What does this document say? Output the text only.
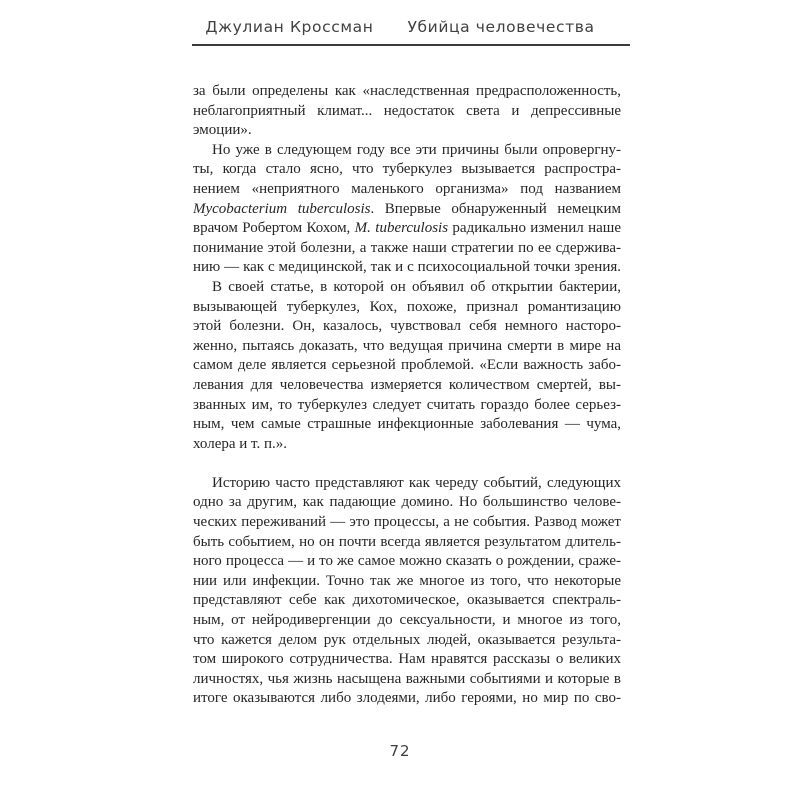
Джулиан Кроссман Убийца человечества
за были определены как «наследственная предрасположенность,
неблагоприятный климат... недостаток света и депрессивные
эмоции».
Но уже в следующем году все эти причины были опровергну-
ты, когда стало ясно, что туберкулез вызывается распростра-
нением «неприятного маленького организма» под названием
Mycobacterium tuberculosis. Впервые обнаруженный немецким
врачом Робертом Кохом, M. tuberculosis радикально изменил наше
понимание этой болезни, а также наши стратегии по ее сдержива-
нию — как с медицинской, так и с психосоциальной точки зрения.
В своей статье, в которой он объявил об открытии бактерии,
вызывающей туберкулез, Кох, похоже, признал романтизацию
этой болезни. Он, казалось, чувствовал себя немного насторо-
женно, пытаясь доказать, что ведущая причина смерти в мире на
самом деле является серьезной проблемой. «Если важность забо-
левания для человечества измеряется количеством смертей, вы-
званных им, то туберкулез следует считать гораздо более серьез-
ным, чем самые страшные инфекционные заболевания — чума,
холера и т. п.».
Историю часто представляют как череду событий, следующих
одно за другим, как падающие домино. Но большинство челове-
ческих переживаний — это процессы, а не события. Развод может
быть событием, но он почти всегда является результатом длитель-
ного процесса — и то же самое можно сказать о рождении, сраже-
нии или инфекции. Точно так же многое из того, что некоторые
представляют себе как дихотомическое, оказывается спектраль-
ным, от нейродивергенции до сексуальности, и многое из того,
что кажется делом рук отдельных людей, оказывается результа-
том широкого сотрудничества. Нам нравятся рассказы о великих
личностях, чья жизнь насыщена важными событиями и которые в
итоге оказываются либо злодеями, либо героями, но мир по сво-
72
